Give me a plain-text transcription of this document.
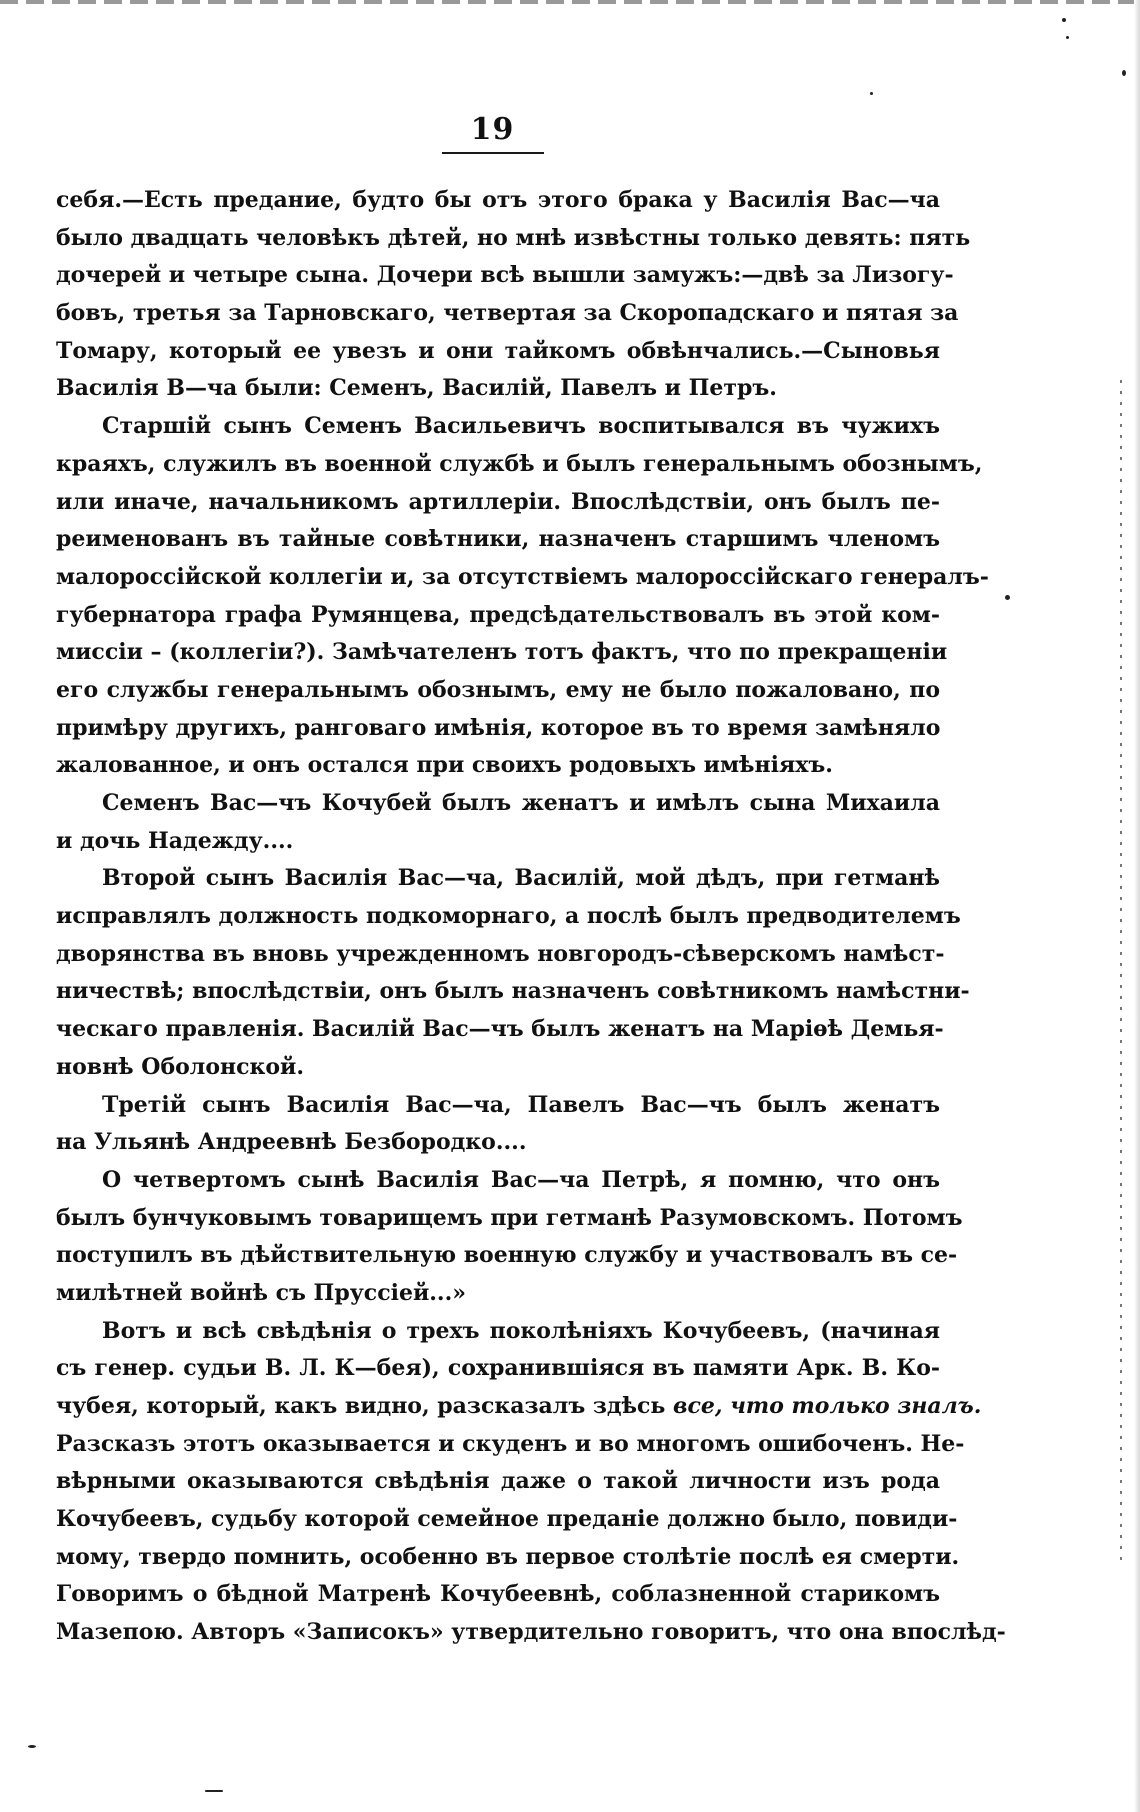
19
себя.—Есть предание, будто бы отъ этого брака у Василія Вас—ча
было двадцать человѣкъ дѣтей, но мнѣ извѣстны только девять: пять
дочерей и четыре сына. Дочери всѣ вышли замужъ:—двѣ за Лизогу-
бовъ, третья за Тарновскаго, четвертая за Скоропадскаго и пятая за
Томару, который ее увезъ и они тайкомъ обвѣнчались.—Сыновья
Василія В—ча были: Семенъ, Василій, Павелъ и Петръ.
Старшій сынъ Семенъ Васильевичъ воспитывался въ чужихъ
краяхъ, служилъ въ военной службѣ и былъ генеральнымъ обознымъ,
или иначе, начальникомъ артиллеріи. Впослѣдствіи, онъ былъ пе-
реименованъ въ тайные совѣтники, назначенъ старшимъ членомъ
малороссійской коллегіи и, за отсутствіемъ малороссійскаго генералъ-
губернатора графа Румянцева, предсѣдательствовалъ въ этой ком-
миссіи – (коллегіи?). Замѣчателенъ тотъ фактъ, что по прекращеніи
его службы генеральнымъ обознымъ, ему не было пожаловано, по
примѣру другихъ, ранговаго имѣнія, которое въ то время замѣняло
жалованное, и онъ остался при своихъ родовыхъ имѣніяхъ.
Семенъ Вас—чъ Кочубей былъ женатъ и имѣлъ сына Михаила
и дочь Надежду....
Второй сынъ Василія Вас—ча, Василій, мой дѣдъ, при гетманѣ
исправлялъ должность подкоморнаго, а послѣ былъ предводителемъ
дворянства въ вновь учрежденномъ новгородъ-сѣверскомъ намѣст-
ничествѣ; впослѣдствіи, онъ былъ назначенъ совѣтникомъ намѣстни-
ческаго правленія. Василій Вас—чъ былъ женатъ на Маріѳѣ Демья-
новнѣ Оболонской.
Третій сынъ Василія Вас—ча, Павелъ Вас—чъ былъ женатъ
на Ульянѣ Андреевнѣ Безбородко....
О четвертомъ сынѣ Василія Вас—ча Петрѣ, я помню, что онъ
былъ бунчуковымъ товарищемъ при гетманѣ Разумовскомъ. Потомъ
поступилъ въ дѣйствительную военную службу и участвовалъ въ се-
милѣтней войнѣ съ Пруссіей...»
Вотъ и всѣ свѣдѣнія о трехъ поколѣніяхъ Кочубеевъ, (начиная
съ генер. судьи В. Л. К—бея), сохранившіяся въ памяти Арк. В. Ко-
чубея, который, какъ видно, разсказалъ здѣсь все, что только зналъ.
Разсказъ этотъ оказывается и скуденъ и во многомъ ошибоченъ. Не-
вѣрными оказываются свѣдѣнія даже о такой личности изъ рода
Кочубеевъ, судьбу которой семейное преданіе должно было, повиди-
мому, твердо помнить, особенно въ первое столѣтіе послѣ ея смерти.
Говоримъ о бѣдной Матренѣ Кочубеевнѣ, соблазненной старикомъ
Мазепою. Авторъ «Записокъ» утвердительно говоритъ, что она впослѣд-
